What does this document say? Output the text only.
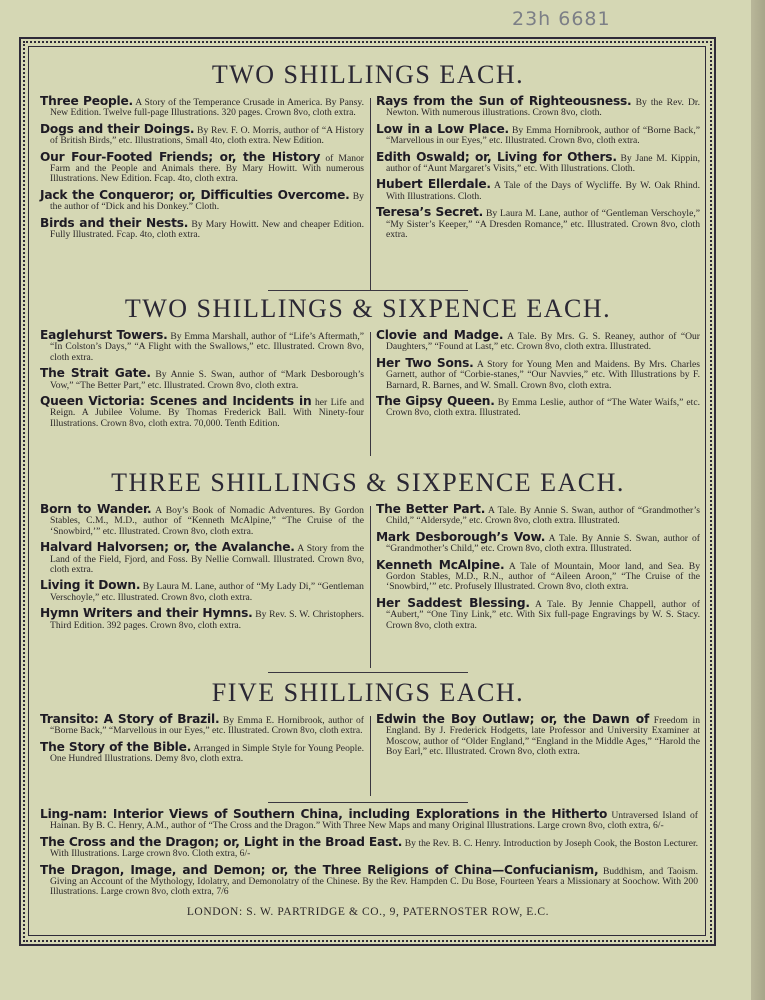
23h 6681
TWO SHILLINGS EACH.
Three People. A Story of the Temperance Crusade in America. By Pansy. New Edition. Twelve full-page Illustrations. 320 pages. Crown 8vo, cloth extra.
Dogs and their Doings. By Rev. F. O. Morris, author of “A History of British Birds,” etc. Illustrations, Small 4to, cloth extra. New Edition.
Our Four-Footed Friends; or, the History of Manor Farm and the People and Animals there. By Mary Howitt. With numerous Illustrations. New Edition. Fcap. 4to, cloth extra.
Jack the Conqueror; or, Difficulties Overcome. By the author of “Dick and his Donkey.” Cloth.
Birds and their Nests. By Mary Howitt. New and cheaper Edition. Fully Illustrated. Fcap. 4to, cloth extra.
Rays from the Sun of Righteousness. By the Rev. Dr. Newton. With numerous illustrations. Crown 8vo, cloth.
Low in a Low Place. By Emma Hornibrook, author of “Borne Back,” “Marvellous in our Eyes,” etc. Illustrated. Crown 8vo, cloth extra.
Edith Oswald; or, Living for Others. By Jane M. Kippin, author of “Aunt Margaret’s Visits,” etc. With Illustrations. Cloth.
Hubert Ellerdale. A Tale of the Days of Wycliffe. By W. Oak Rhind. With Illustrations. Cloth.
Teresa’s Secret. By Laura M. Lane, author of “Gentleman Verschoyle,” “My Sister’s Keeper,” “A Dresden Romance,” etc. Illustrated. Crown 8vo, cloth extra.
TWO SHILLINGS & SIXPENCE EACH.
Eaglehurst Towers. By Emma Marshall, author of “Life’s Aftermath,” “In Colston’s Days,” “A Flight with the Swallows,” etc. Illustrated. Crown 8vo, cloth extra.
The Strait Gate. By Annie S. Swan, author of “Mark Desborough’s Vow,” “The Better Part,” etc. Illustrated. Crown 8vo, cloth extra.
Queen Victoria: Scenes and Incidents in her Life and Reign. A Jubilee Volume. By Thomas Frederick Ball. With Ninety-four Illustrations. Crown 8vo, cloth extra. 70,000. Tenth Edition.
Clovie and Madge. A Tale. By Mrs. G. S. Reaney, author of “Our Daughters,” “Found at Last,” etc. Crown 8vo, cloth extra. Illustrated.
Her Two Sons. A Story for Young Men and Maidens. By Mrs. Charles Garnett, author of “Corbie-stanes,” “Our Navvies,” etc. With Illustrations by F. Barnard, R. Barnes, and W. Small. Crown 8vo, cloth extra.
The Gipsy Queen. By Emma Leslie, author of “The Water Waifs,” etc. Crown 8vo, cloth extra. Illustrated.
THREE SHILLINGS & SIXPENCE EACH.
Born to Wander. A Boy’s Book of Nomadic Adventures. By Gordon Stables, C.M., M.D., author of “Kenneth McAlpine,” “The Cruise of the ‘Snowbird,’” etc. Illustrated. Crown 8vo, cloth extra.
Halvard Halvorsen; or, the Avalanche. A Story from the Land of the Field, Fjord, and Foss. By Nellie Cornwall. Illustrated. Crown 8vo, cloth extra.
Living it Down. By Laura M. Lane, author of “My Lady Di,” “Gentleman Verschoyle,” etc. Illustrated. Crown 8vo, cloth extra.
Hymn Writers and their Hymns. By Rev. S. W. Christophers. Third Edition. 392 pages. Crown 8vo, cloth extra.
The Better Part. A Tale. By Annie S. Swan, author of “Grandmother’s Child,” “Aldersyde,” etc. Crown 8vo, cloth extra. Illustrated.
Mark Desborough’s Vow. A Tale. By Annie S. Swan, author of “Grandmother’s Child,” etc. Crown 8vo, cloth extra. Illustrated.
Kenneth McAlpine. A Tale of Mountain, Moor land, and Sea. By Gordon Stables, M.D., R.N., author of “Aileen Aroon,” “The Cruise of the ‘Snowbird,’” etc. Profusely Illustrated. Crown 8vo, cloth extra.
Her Saddest Blessing. A Tale. By Jennie Chappell, author of “Aubert,” “One Tiny Link,” etc. With Six full-page Engravings by W. S. Stacy. Crown 8vo, cloth extra.
FIVE SHILLINGS EACH.
Transito: A Story of Brazil. By Emma E. Hornibrook, author of “Borne Back,” “Marvellous in our Eyes,” etc. Illustrated. Crown 8vo, cloth extra.
The Story of the Bible. Arranged in Simple Style for Young People. One Hundred Illustrations. Demy 8vo, cloth extra.
Edwin the Boy Outlaw; or, the Dawn of Freedom in England. By J. Frederick Hodgetts, late Professor and University Examiner at Moscow, author of “Older England,” “England in the Middle Ages,” “Harold the Boy Earl,” etc. Illustrated. Crown 8vo, cloth extra.
Ling-nam: Interior Views of Southern China, including Explorations in the Hitherto Untraversed Island of Hainan. By B. C. Henry, A.M., author of “The Cross and the Dragon.” With Three New Maps and many Original Illustrations. Large crown 8vo, cloth extra, 6/-
The Cross and the Dragon; or, Light in the Broad East. By the Rev. B. C. Henry. Introduction by Joseph Cook, the Boston Lecturer. With Illustrations. Large crown 8vo. Cloth extra, 6/-
The Dragon, Image, and Demon; or, the Three Religions of China—Confucianism, Buddhism, and Taoism. Giving an Account of the Mythology, Idolatry, and Demonolatry of the Chinese. By the Rev. Hampden C. Du Bose, Fourteen Years a Missionary at Soochow. With 200 Illustrations. Large crown 8vo, cloth extra, 7/6
LONDON: S. W. PARTRIDGE & CO., 9, PATERNOSTER ROW, E.C.
